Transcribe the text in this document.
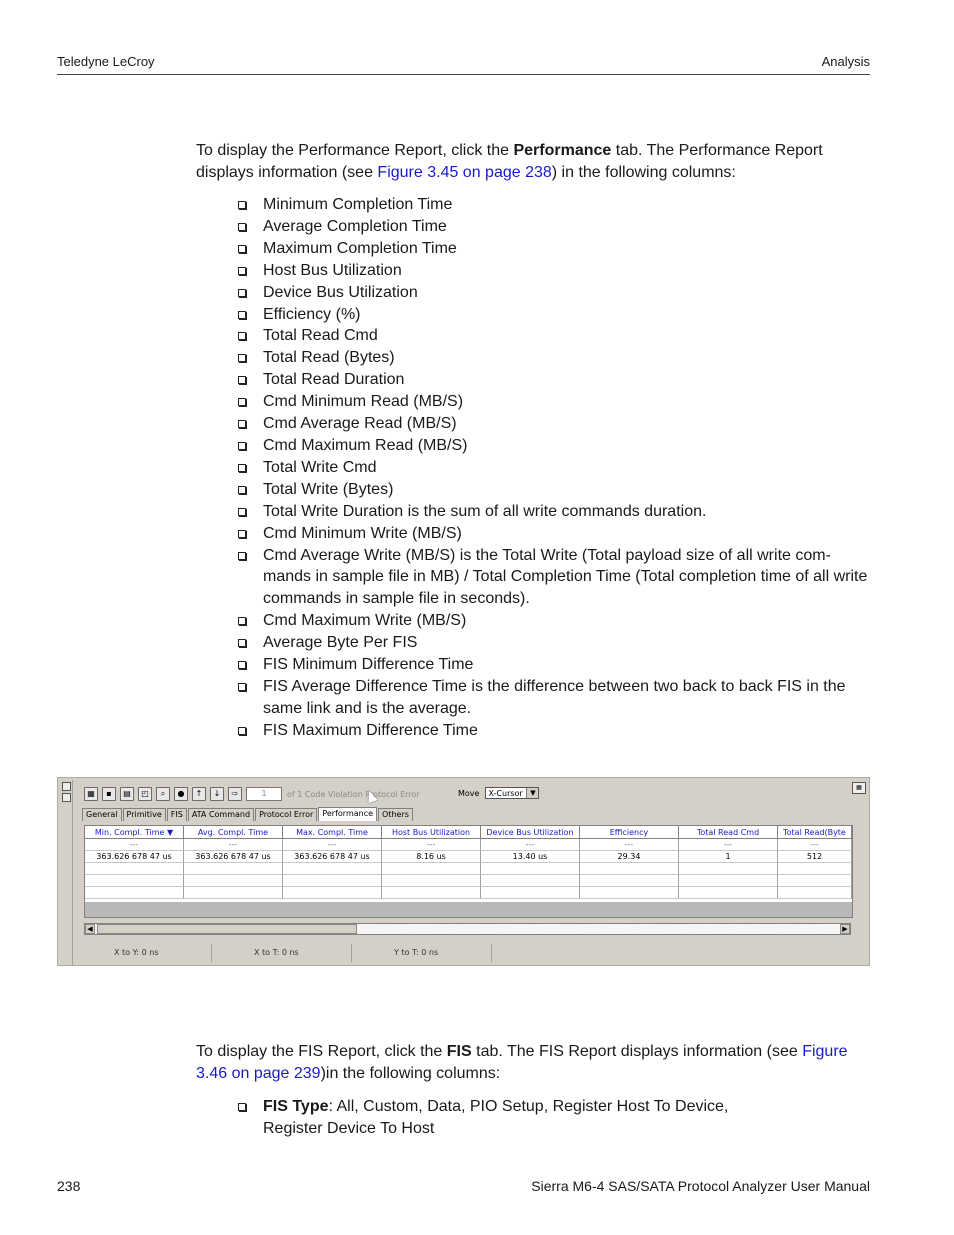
Teledyne LeCroy	Analysis

To display the Performance Report, click the Performance tab. The Performance Report displays information (see Figure 3.45 on page 238) in the following columns:

Minimum Completion Time
Average Completion Time
Maximum Completion Time
Host Bus Utilization
Device Bus Utilization
Efficiency (%)
Total Read Cmd
Total Read (Bytes)
Total Read Duration
Cmd Minimum Read (MB/S)
Cmd Average Read (MB/S)
Cmd Maximum Read (MB/S)
Total Write Cmd
Total Write (Bytes)
Total Write Duration is the sum of all write commands duration.
Cmd Minimum Write (MB/S)
Cmd Average Write (MB/S) is the Total Write (Total payload size of all write com-mands in sample file in MB) / Total Completion Time (Total completion time of all write commands in sample file in seconds).
Cmd Maximum Write (MB/S)
Average Byte Per FIS
FIS Minimum Difference Time
FIS Average Difference Time is the difference between two back to back FIS in the same link and is the average.
FIS Maximum Difference Time
▦	▪	▤	◰	⌕	●	↑	↓	⇨	1	of 1 Code Violation Protocol Error	Move	X-Cursor	▼
▦
General	Primitive	FIS	ATA Command	Protocol Error	Performance	Others
Min. Compl. Time ▼	Avg. Compl. Time	Max. Compl. Time	Host Bus Utilization	Device Bus Utilization	Efficiency	Total Read Cmd	Total Read(Byte
---	---	---	---	---	---	---	---
363.626 678 47 us	363.626 678 47 us	363.626 678 47 us	8.16 us	13.40 us	29.34	1	512
◀	▶
X to Y: 0 ns	X to T: 0 ns	Y to T: 0 ns

To display the FIS Report, click the FIS tab. The FIS Report displays information (see Figure 3.46 on page 239)in the following columns:

FIS Type: All, Custom, Data, PIO Setup, Register Host To Device,
Register Device To Host
238	Sierra M6-4 SAS/SATA Protocol Analyzer User Manual
